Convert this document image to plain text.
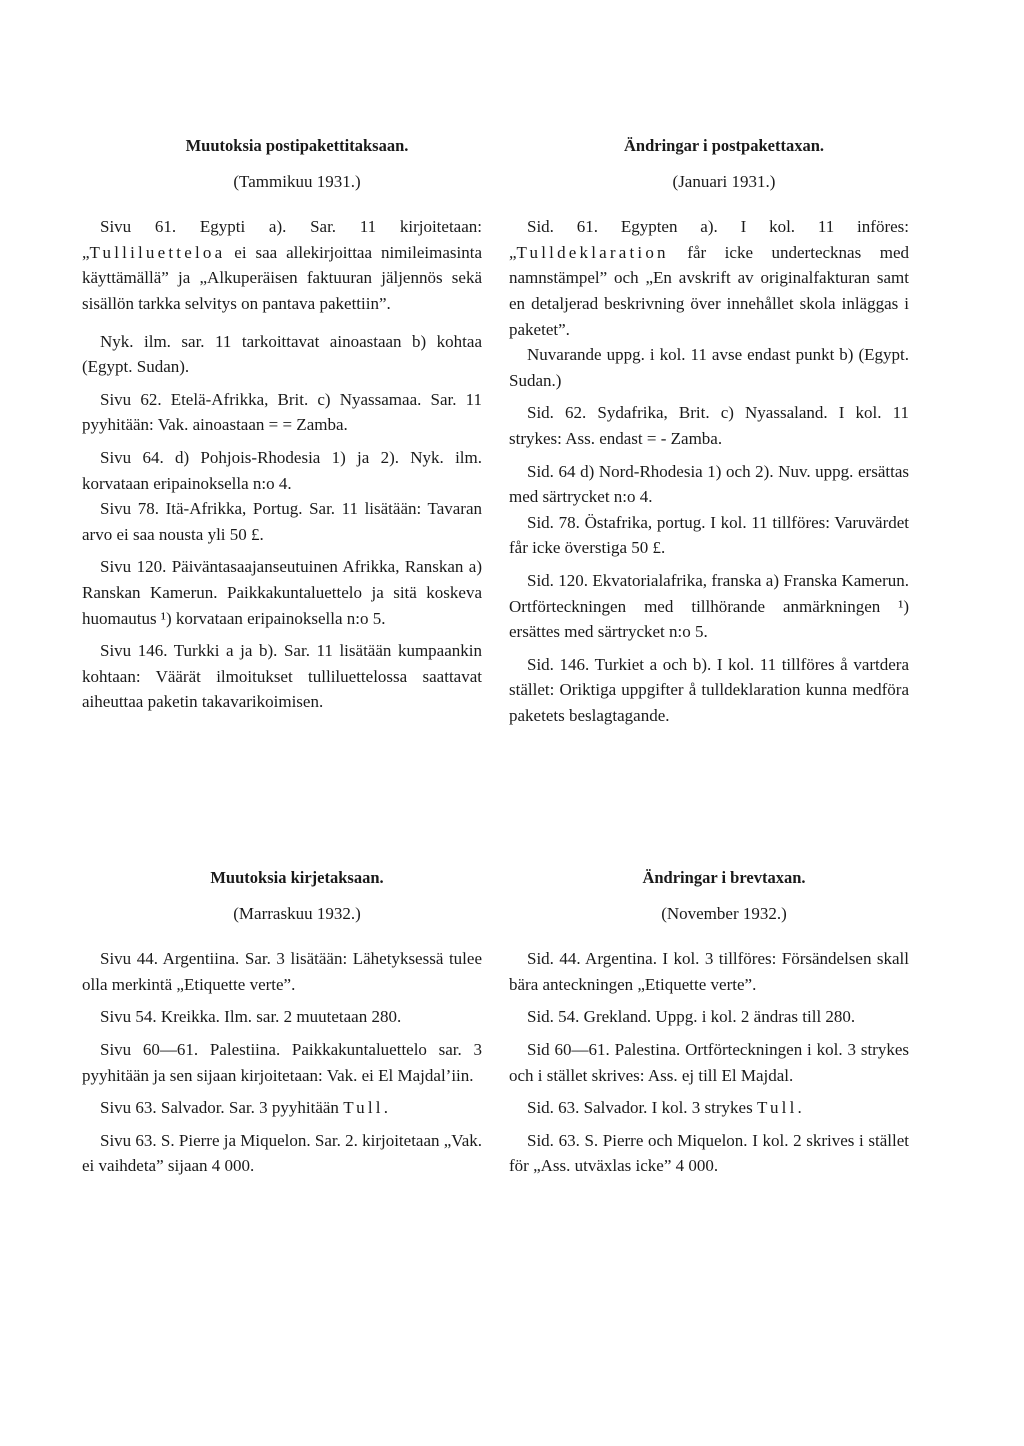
Muutoksia postipakettitaksaan.
(Tammikuu 1931.)

Sivu 61. Egypti a). Sar. 11 kirjoitetaan: „Tulliluetteloa ei saa allekirjoittaa nimileimasinta käyttämällä” ja „Alkuperäisen faktuuran jäljennös sekä sisällön tarkka selvitys on pantava pakettiin”.

Nyk. ilm. sar. 11 tarkoittavat ainoastaan b) kohtaa (Egypt. Sudan).

Sivu 62. Etelä-Afrikka, Brit. c) Nyassamaa. Sar. 11 pyyhitään: Vak. ainoastaan = = Zamba.

Sivu 64. d) Pohjois-Rhodesia 1) ja 2). Nyk. ilm. korvataan eripainoksella n:o 4.

Sivu 78. Itä-Afrikka, Portug. Sar. 11 lisätään: Tavaran arvo ei saa nousta yli 50 £.

Sivu 120. Päiväntasaajanseutuinen Afrikka, Ranskan a) Ranskan Kamerun. Paikkakuntaluettelo ja sitä koskeva huomautus ¹) korvataan eripainoksella n:o 5.

Sivu 146. Turkki a ja b). Sar. 11 lisätään kumpaankin kohtaan: Väärät ilmoitukset tulliluettelossa saattavat aiheuttaa paketin takavarikoimisen.

Ändringar i postpakettaxan.
(Januari 1931.)

Sid. 61. Egypten a). I kol. 11 införes: „Tulldeklaration får icke undertecknas med namnstämpel” och „En avskrift av originalfakturan samt en detaljerad beskrivning över innehållet skola inläggas i paketet”.

Nuvarande uppg. i kol. 11 avse endast punkt b) (Egypt. Sudan.)

Sid. 62. Sydafrika, Brit. c) Nyassaland. I kol. 11 strykes: Ass. endast = - Zamba.

Sid. 64 d) Nord-Rhodesia 1) och 2). Nuv. uppg. ersättas med särtrycket n:o 4.

Sid. 78. Östafrika, portug. I kol. 11 tillföres: Varuvärdet får icke överstiga 50 £.

Sid. 120. Ekvatorialafrika, franska a) Franska Kamerun. Ortförteckningen med tillhörande anmärkningen ¹) ersättes med särtrycket n:o 5.

Sid. 146. Turkiet a och b). I kol. 11 tillföres å vartdera stället: Oriktiga uppgifter å tulldeklaration kunna medföra paketets beslagtagande.

Muutoksia kirjetaksaan.
(Marraskuu 1932.)

Sivu 44. Argentiina. Sar. 3 lisätään: Lähetyksessä tulee olla merkintä „Etiquette verte”.

Sivu 54. Kreikka. Ilm. sar. 2 muutetaan 280.

Sivu 60—61. Palestiina. Paikkakuntaluettelo sar. 3 pyyhitään ja sen sijaan kirjoitetaan: Vak. ei El Majdal’iin.

Sivu 63. Salvador. Sar. 3 pyyhitään Tull.

Sivu 63. S. Pierre ja Miquelon. Sar. 2. kirjoitetaan „Vak. ei vaihdeta” sijaan 4 000.

Ändringar i brevtaxan.
(November 1932.)

Sid. 44. Argentina. I kol. 3 tillföres: Försändelsen skall bära anteckningen „Etiquette verte”.

Sid. 54. Grekland. Uppg. i kol. 2 ändras till 280.

Sid 60—61. Palestina. Ortförteckningen i kol. 3 strykes och i stället skrives: Ass. ej till El Majdal.

Sid. 63. Salvador. I kol. 3 strykes Tull.

Sid. 63. S. Pierre och Miquelon. I kol. 2 skrives i stället för „Ass. utväxlas icke” 4 000.
